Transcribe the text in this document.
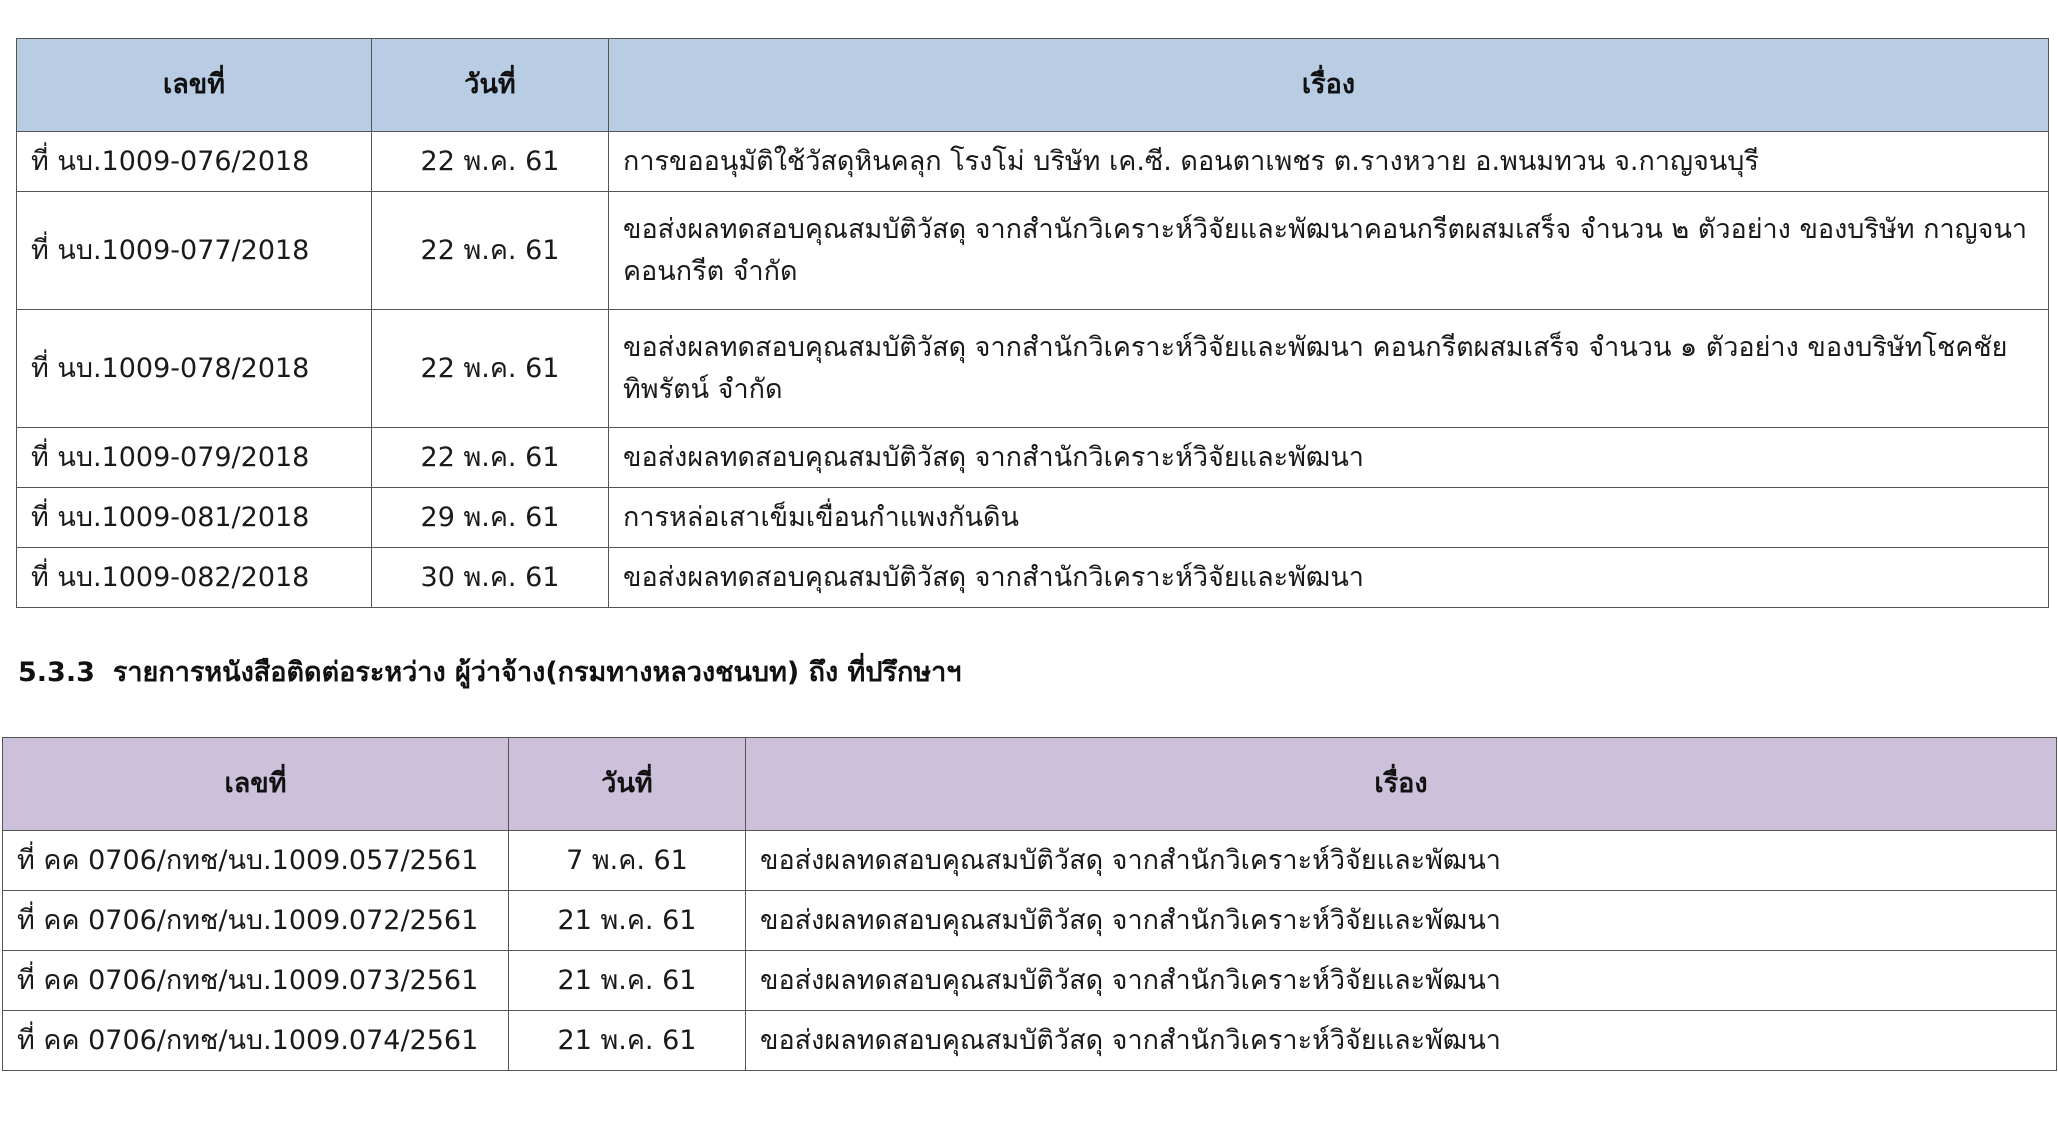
เลขที่	วันที่	เรื่อง
ที่ นบ.1009-076/2018	22 พ.ค. 61	การขออนุมัติใช้วัสดุหินคลุก โรงโม่ บริษัท เค.ซี. ดอนตาเพชร ต.รางหวาย อ.พนมทวน จ.กาญจนบุรี
ที่ นบ.1009-077/2018	22 พ.ค. 61	ขอส่งผลทดสอบคุณสมบัติวัสดุ จากสำนักวิเคราะห์วิจัยและพัฒนาคอนกรีตผสมเสร็จ จำนวน ๒ ตัวอย่าง ของบริษัท กาญจนา คอนกรีต จำกัด
ที่ นบ.1009-078/2018	22 พ.ค. 61	ขอส่งผลทดสอบคุณสมบัติวัสดุ จากสำนักวิเคราะห์วิจัยและพัฒนา คอนกรีตผสมเสร็จ จำนวน ๑ ตัวอย่าง ของบริษัทโชคชัยทิพรัตน์ จำกัด
ที่ นบ.1009-079/2018	22 พ.ค. 61	ขอส่งผลทดสอบคุณสมบัติวัสดุ จากสำนักวิเคราะห์วิจัยและพัฒนา
ที่ นบ.1009-081/2018	29 พ.ค. 61	การหล่อเสาเข็มเขื่อนกำแพงกันดิน
ที่ นบ.1009-082/2018	30 พ.ค. 61	ขอส่งผลทดสอบคุณสมบัติวัสดุ จากสำนักวิเคราะห์วิจัยและพัฒนา
5.3.3 รายการหนังสือติดต่อระหว่าง ผู้ว่าจ้าง(กรมทางหลวงชนบท) ถึง ที่ปรึกษาฯ
เลขที่	วันที่	เรื่อง
ที่ คค 0706/กทช/นบ.1009.057/2561	7 พ.ค. 61	ขอส่งผลทดสอบคุณสมบัติวัสดุ จากสำนักวิเคราะห์วิจัยและพัฒนา
ที่ คค 0706/กทช/นบ.1009.072/2561	21 พ.ค. 61	ขอส่งผลทดสอบคุณสมบัติวัสดุ จากสำนักวิเคราะห์วิจัยและพัฒนา
ที่ คค 0706/กทช/นบ.1009.073/2561	21 พ.ค. 61	ขอส่งผลทดสอบคุณสมบัติวัสดุ จากสำนักวิเคราะห์วิจัยและพัฒนา
ที่ คค 0706/กทช/นบ.1009.074/2561	21 พ.ค. 61	ขอส่งผลทดสอบคุณสมบัติวัสดุ จากสำนักวิเคราะห์วิจัยและพัฒนา
